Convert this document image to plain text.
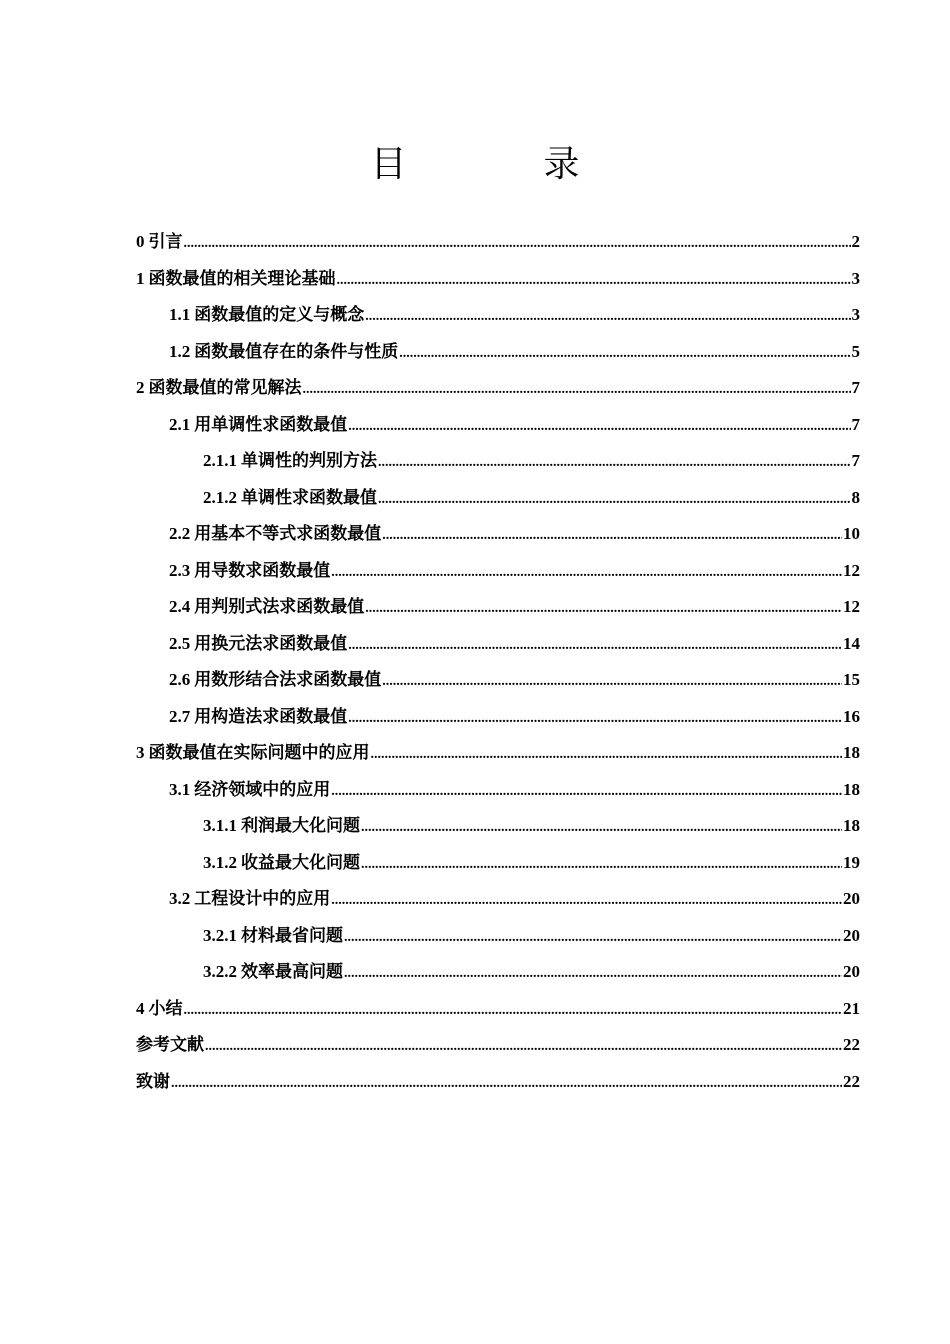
目 录
0 引言 .....	2
1 函数最值的相关理论基础 .....	3
1.1 函数最值的定义与概念 .....	3
1.2 函数最值存在的条件与性质 .....	5
2 函数最值的常见解法 .....	7
2.1 用单调性求函数最值 .....	7
2.1.1 单调性的判别方法 .....	7
2.1.2 单调性求函数最值 .....	8
2.2 用基本不等式求函数最值 .....	10
2.3 用导数求函数最值 .....	12
2.4 用判别式法求函数最值 .....	12
2.5 用换元法求函数最值 .....	14
2.6 用数形结合法求函数最值 .....	15
2.7 用构造法求函数最值 .....	16
3 函数最值在实际问题中的应用 .....	18
3.1 经济领域中的应用 .....	18
3.1.1 利润最大化问题 .....	18
3.1.2 收益最大化问题 .....	19
3.2 工程设计中的应用 .....	20
3.2.1 材料最省问题 .....	20
3.2.2 效率最高问题 .....	20
4 小结 .....	21
参考文献 .....	22
致谢 .....	22
